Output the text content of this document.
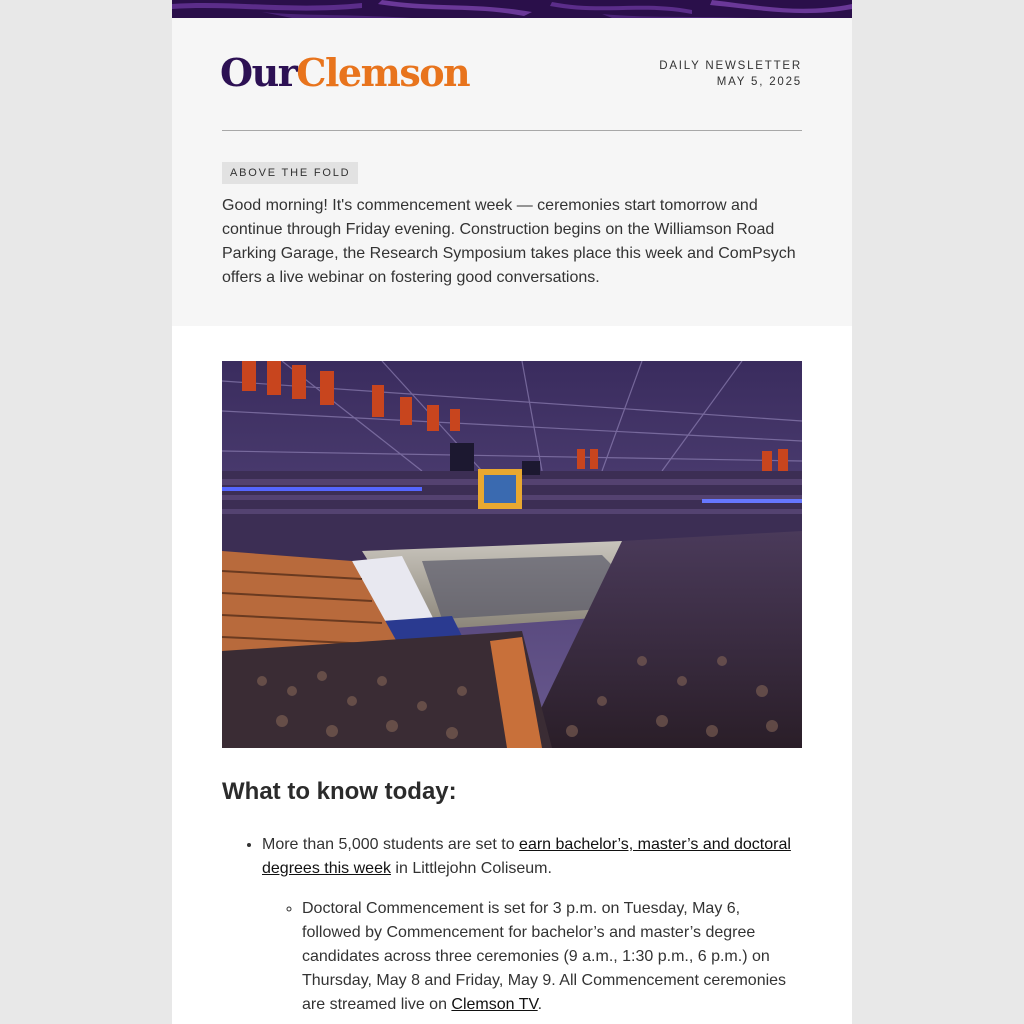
OurClemson	DAILY NEWSLETTER
MAY 5, 2025
ABOVE THE FOLD

Good morning! It's commencement week — ceremonies start tomorrow and continue through Friday evening. Construction begins on the Williamson Road Parking Garage, the Research Symposium takes place this week and ComPsych offers a live webinar on fostering good conversations.

What to know today:
• More than 5,000 students are set to earn bachelor’s, master’s and doctoral degrees this week in Littlejohn Coliseum.
◦ Doctoral Commencement is set for 3 p.m. on Tuesday, May 6, followed by Commencement for bachelor’s and master’s degree candidates across three ceremonies (9 a.m., 1:30 p.m., 6 p.m.) on Thursday, May 8 and Friday, May 9. All Commencement ceremonies are streamed live on Clemson TV.
